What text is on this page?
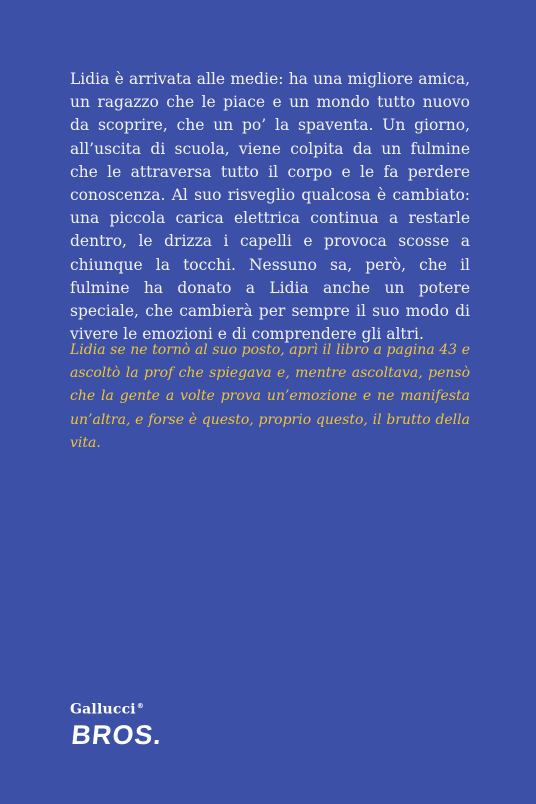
Lidia è arrivata alle medie: ha una migliore amica, un ragazzo che le piace e un mondo tutto nuovo da scoprire, che un po’ la spaventa. Un giorno, all’uscita di scuola, viene colpita da un fulmine che le attraversa tutto il corpo e le fa perdere conoscenza. Al suo risveglio qualcosa è cambiato: una piccola carica elettrica continua a restarle dentro, le drizza i capelli e provoca scosse a chiunque la tocchi. Nessuno sa, però, che il fulmine ha donato a Lidia anche un potere speciale, che cambierà per sempre il suo modo di vivere le emozioni e di comprendere gli altri.

Lidia se ne tornò al suo posto, aprì il libro a pagina 43 e ascoltò la prof che spiegava e, mentre ascoltava, pensò che la gente a volte prova un’emozione e ne manifesta un’altra, e forse è questo, proprio questo, il brutto della vita.

Gallucci®
BROS.
